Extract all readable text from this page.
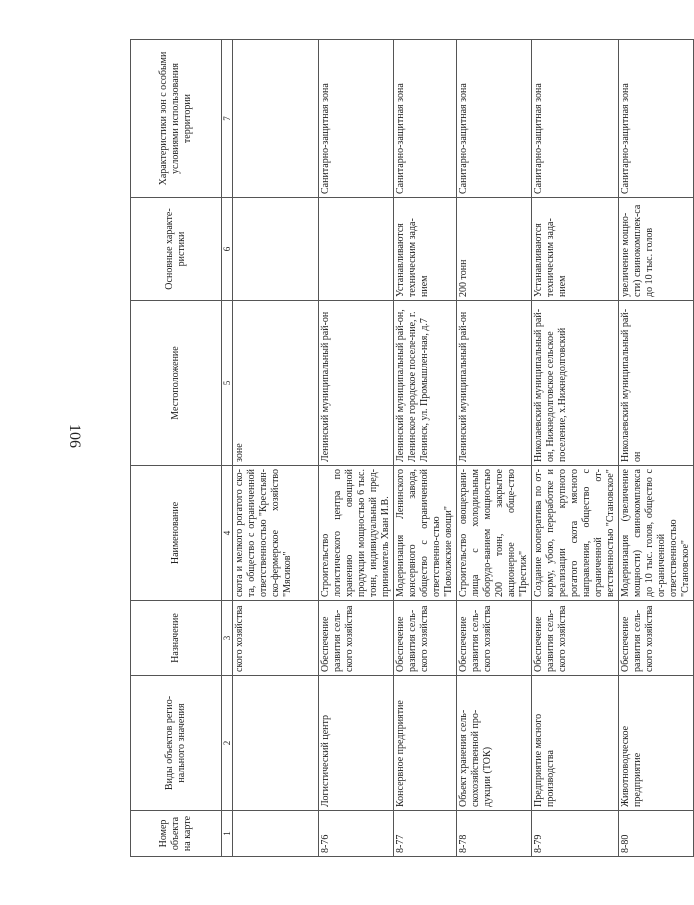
106
Номер объекта на карте	Виды объектов регио-нального значения	Назначение	Наименование	Местоположение	Основные характе-ристики	Характеристики зон с особыми условиями использования территории
1	2	3	4	5	6	7
		ского хозяйства	скота и мелкого рогатого ско-та, обществo с ограниченной ответственностью "Крестьян-ско-фермерское хозяйство "Мясиков"	зоне		
8-76	Логистический центр	Обеспечение развития сель-ского хозяйства	Строительство логистического центра по хранению овощной продукции мощностью 6 тыс. тонн, индивидуальный пред-приниматель Хван И.В.	Ленинский муниципальный рай-он		Санитарно-защитная зона
8-77	Консервное предприятие	Обеспечение развития сель-ского хозяйства	Модернизация Ленинского консервного завода, общество с ограниченной ответственно-стью "Поволжские овощи"	Ленинский муниципальный рай-он, Ленинское городское поселе-ние, г. Ленинск, ул. Промышлен-ная, д.7	Устанавливаются техническим зада-нием	Санитарно-защитная зона
8-78	Объект хранения сель-скохозяйственной про-дукции (ТОК)	Обеспечение развития сель-ского хозяйства	Строительство овощехрани-лища с холодильным оборудо-ванием мощностью 200 тонн, закрытое акционерное обще-ство "Престиж"	Ленинский муниципальный рай-он	200 тонн	Санитарно-защитная зона
8-79	Предприятие мясного производства	Обеспечение развития сель-ского хозяйства	Создание кооператива по от-корму, убою, переработке и реализации крупного рогатого скота мясного направления, общество с ограниченной от-ветственностью "Становское"	Николаевский муниципальный рай-он, Нижнедолговское сельское поселение, х.Нижнедолговский	Устанавливаются техническим зада-нием	Санитарно-защитная зона
8-80	Животноводческое предприятие	Обеспечение развития сель-ского хозяйства	Модернизация (увеличение мощности) свинокомплекса до 10 тыс. голов, общество с ог-раниченной ответственностью "Становское"	Николаевский муниципальный рай-он	увеличение мощно-сти) свинокомплек-са до 10 тыс. голов	Санитарно-защитная зона
